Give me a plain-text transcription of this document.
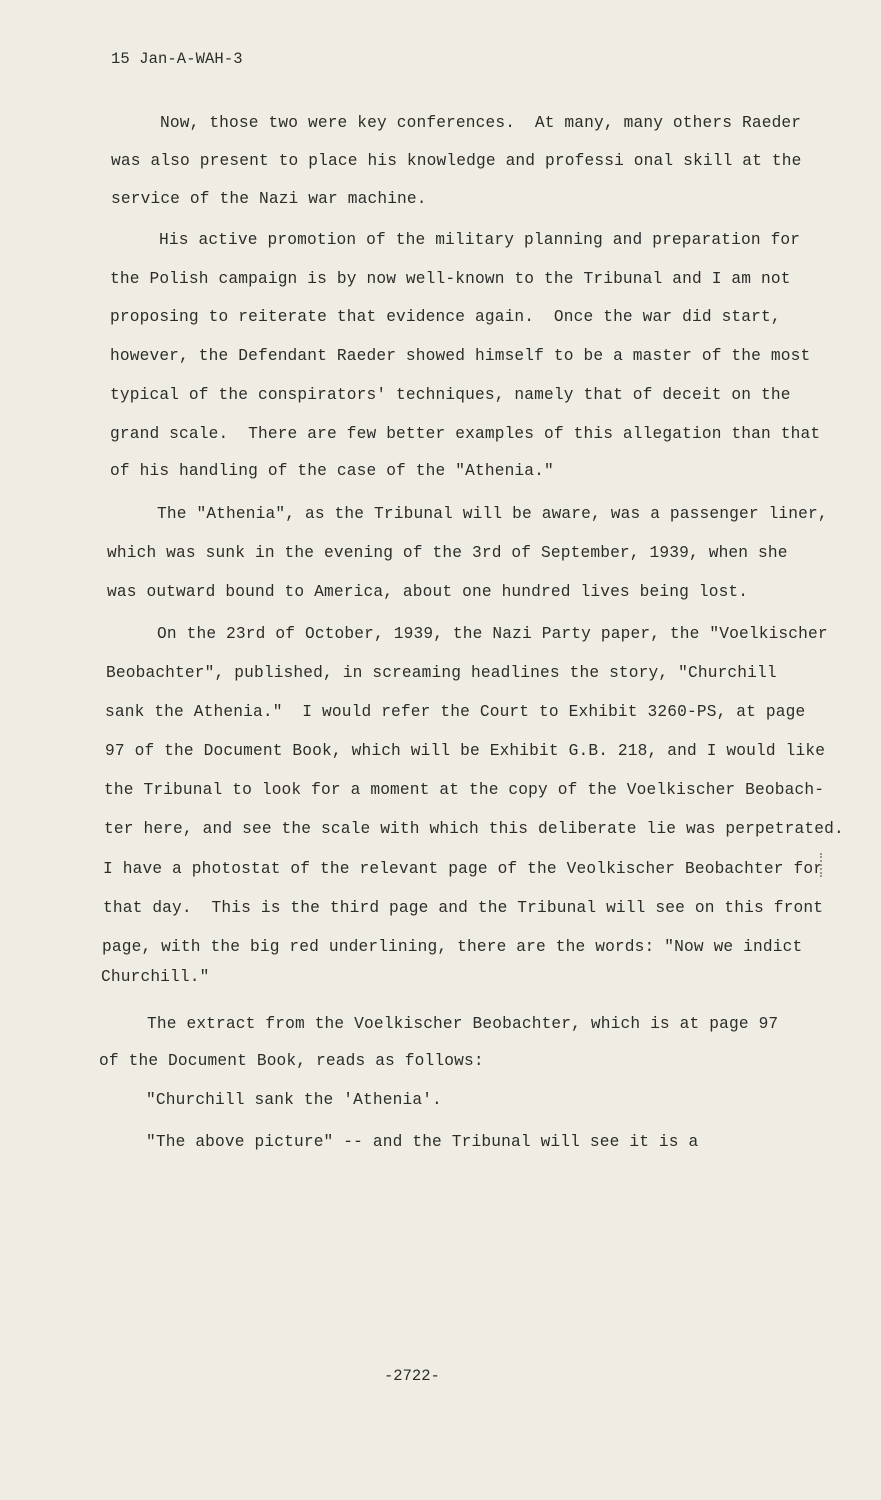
15 Jan-A-WAH-3
Now, those two were key conferences.  At many, many others Raeder
was also present to place his knowledge and professi onal skill at the
service of the Nazi war machine.
His active promotion of the military planning and preparation for
the Polish campaign is by now well-known to the Tribunal and I am not
proposing to reiterate that evidence again.  Once the war did start,
however, the Defendant Raeder showed himself to be a master of the most
typical of the conspirators' techniques, namely that of deceit on the
grand scale.  There are few better examples of this allegation than that
of his handling of the case of the "Athenia."
The "Athenia", as the Tribunal will be aware, was a passenger liner,
which was sunk in the evening of the 3rd of September, 1939, when she
was outward bound to America, about one hundred lives being lost.
On the 23rd of October, 1939, the Nazi Party paper, the "Voelkischer
Beobachter", published, in screaming headlines the story, "Churchill
sank the Athenia."  I would refer the Court to Exhibit 3260-PS, at page
97 of the Document Book, which will be Exhibit G.B. 218, and I would like
the Tribunal to look for a moment at the copy of the Voelkischer Beobach-
ter here, and see the scale with which this deliberate lie was perpetrated.
I have a photostat of the relevant page of the Veolkischer Beobachter for
that day.  This is the third page and the Tribunal will see on this front
page, with the big red underlining, there are the words: "Now we indict
Churchill."
The extract from the Voelkischer Beobachter, which is at page 97
of the Document Book, reads as follows:
"Churchill sank the 'Athenia'.
"The above picture" -- and the Tribunal will see it is a
-2722-
